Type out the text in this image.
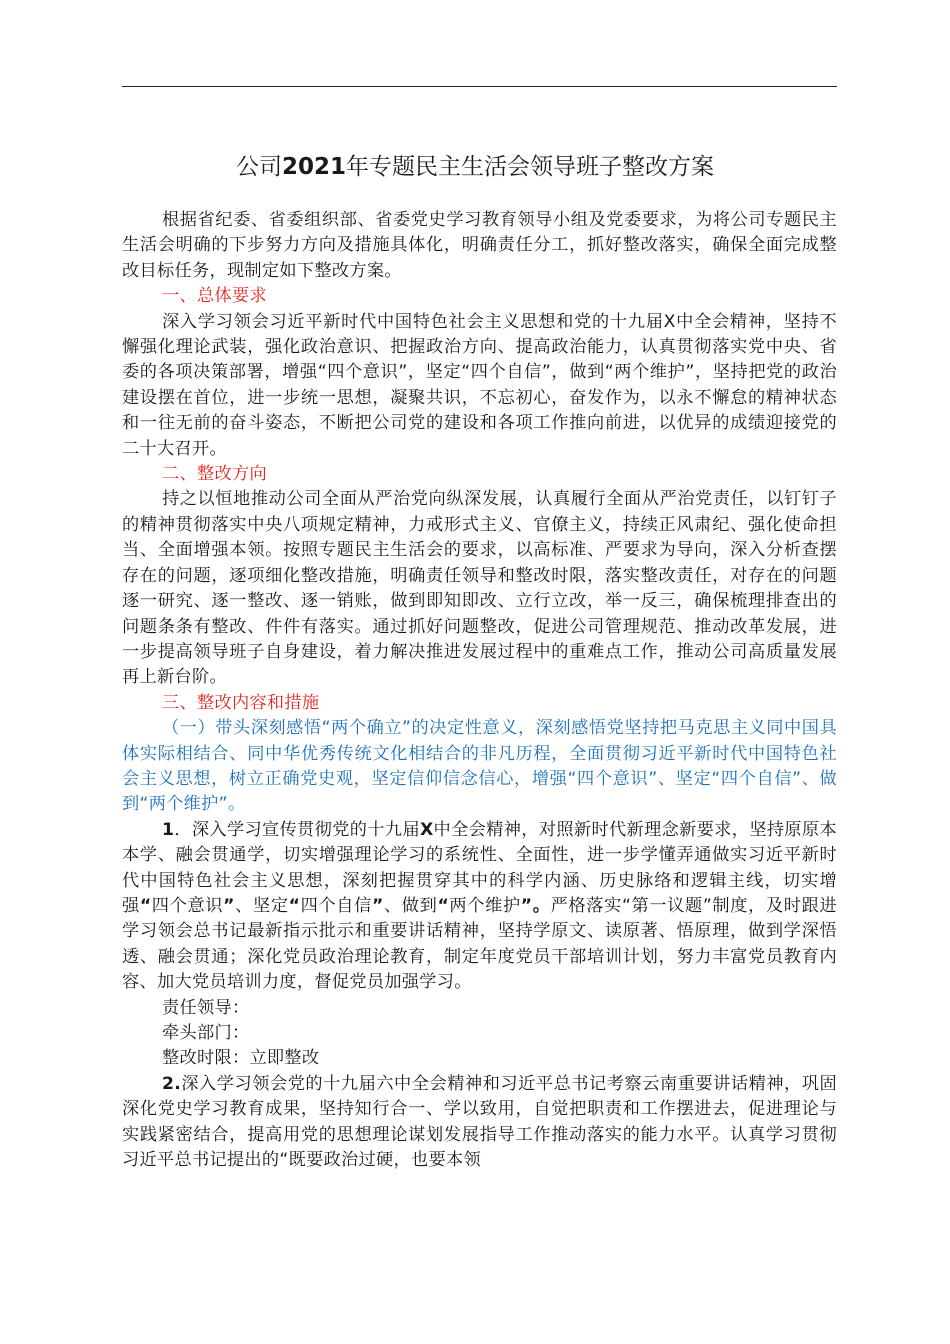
公司2021年专题民主生活会领导班子整改方案

根据省纪委、省委组织部、省委党史学习教育领导小组及党委要求，为将公司专题民主生活会明确的下步努力方向及措施具体化，明确责任分工，抓好整改落实，确保全面完成整改目标任务，现制定如下整改方案。

一、总体要求

深入学习领会习近平新时代中国特色社会主义思想和党的十九届Ⅹ中全会精神，坚持不懈强化理论武装，强化政治意识、把握政治方向、提高政治能力，认真贯彻落实党中央、省委的各项决策部署，增强“四个意识”，坚定“四个自信”，做到“两个维护”，坚持把党的政治建设摆在首位，进一步统一思想，凝聚共识，不忘初心，奋发作为，以永不懈怠的精神状态和一往无前的奋斗姿态，不断把公司党的建设和各项工作推向前进，以优异的成绩迎接党的二十大召开。

二、整改方向

持之以恒地推动公司全面从严治党向纵深发展，认真履行全面从严治党责任，以钉钉子的精神贯彻落实中央八项规定精神，力戒形式主义、官僚主义，持续正风肃纪、强化使命担当、全面增强本领。按照专题民主生活会的要求，以高标准、严要求为导向，深入分析查摆存在的问题，逐项细化整改措施，明确责任领导和整改时限，落实整改责任，对存在的问题逐一研究、逐一整改、逐一销账，做到即知即改、立行立改，举一反三，确保梳理排查出的问题条条有整改、件件有落实。通过抓好问题整改，促进公司管理规范、推动改革发展，进一步提高领导班子自身建设，着力解决推进发展过程中的重难点工作，推动公司高质量发展再上新台阶。

三、整改内容和措施

（一）带头深刻感悟“两个确立”的决定性意义，深刻感悟党坚持把马克思主义同中国具体实际相结合、同中华优秀传统文化相结合的非凡历程，全面贯彻习近平新时代中国特色社会主义思想，树立正确党史观，坚定信仰信念信心，增强“四个意识”、坚定“四个自信”、做到“两个维护”。

1．深入学习宣传贯彻党的十九届Ⅹ中全会精神，对照新时代新理念新要求，坚持原原本本学、融会贯通学，切实增强理论学习的系统性、全面性，进一步学懂弄通做实习近平新时代中国特色社会主义思想，深刻把握贯穿其中的科学内涵、历史脉络和逻辑主线，切实增强“四个意识”、坚定“四个自信”、做到“两个维护”。严格落实“第一议题”制度，及时跟进学习领会总书记最新指示批示和重要讲话精神，坚持学原文、读原著、悟原理，做到学深悟透、融会贯通；深化党员政治理论教育，制定年度党员干部培训计划，努力丰富党员教育内容、加大党员培训力度，督促党员加强学习。

责任领导：

牵头部门：

整改时限：立即整改

2.深入学习领会党的十九届六中全会精神和习近平总书记考察云南重要讲话精神，巩固深化党史学习教育成果，坚持知行合一、学以致用，自觉把职责和工作摆进去，促进理论与实践紧密结合，提高用党的思想理论谋划发展指导工作推动落实的能力水平。认真学习贯彻习近平总书记提出的“既要政治过硬，也要本领
